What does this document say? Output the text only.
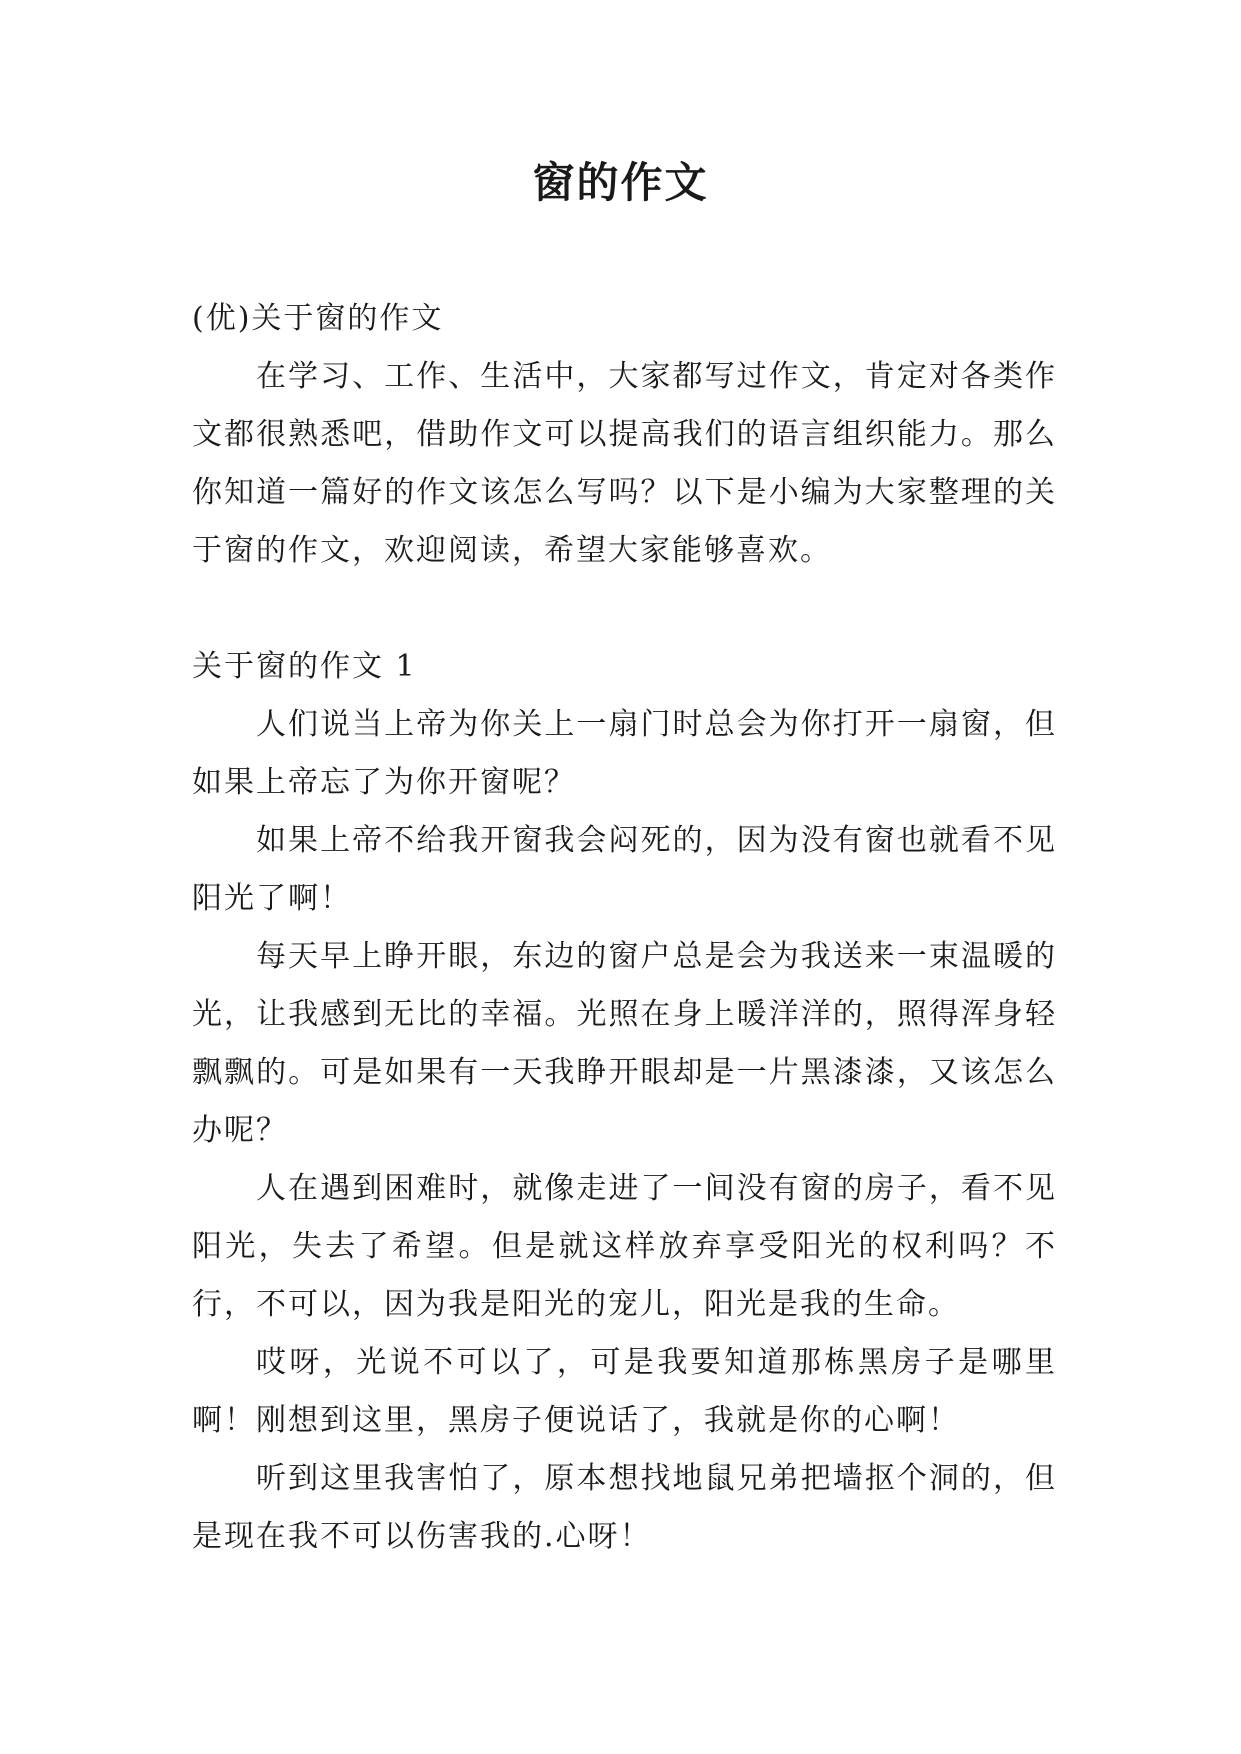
窗的作文

(优)关于窗的作文

在学习、工作、生活中，大家都写过作文，肯定对各类作文都很熟悉吧，借助作文可以提高我们的语言组织能力。那么你知道一篇好的作文该怎么写吗？以下是小编为大家整理的关于窗的作文，欢迎阅读，希望大家能够喜欢。

关于窗的作文 1

人们说当上帝为你关上一扇门时总会为你打开一扇窗，但如果上帝忘了为你开窗呢？

如果上帝不给我开窗我会闷死的，因为没有窗也就看不见阳光了啊！

每天早上睁开眼，东边的窗户总是会为我送来一束温暖的光，让我感到无比的幸福。光照在身上暖洋洋的，照得浑身轻飘飘的。可是如果有一天我睁开眼却是一片黑漆漆，又该怎么办呢？

人在遇到困难时，就像走进了一间没有窗的房子，看不见阳光，失去了希望。但是就这样放弃享受阳光的权利吗？不行，不可以，因为我是阳光的宠儿，阳光是我的生命。

哎呀，光说不可以了，可是我要知道那栋黑房子是哪里啊！刚想到这里，黑房子便说话了，我就是你的心啊！

听到这里我害怕了，原本想找地鼠兄弟把墙抠个洞的，但是现在我不可以伤害我的.心呀！
